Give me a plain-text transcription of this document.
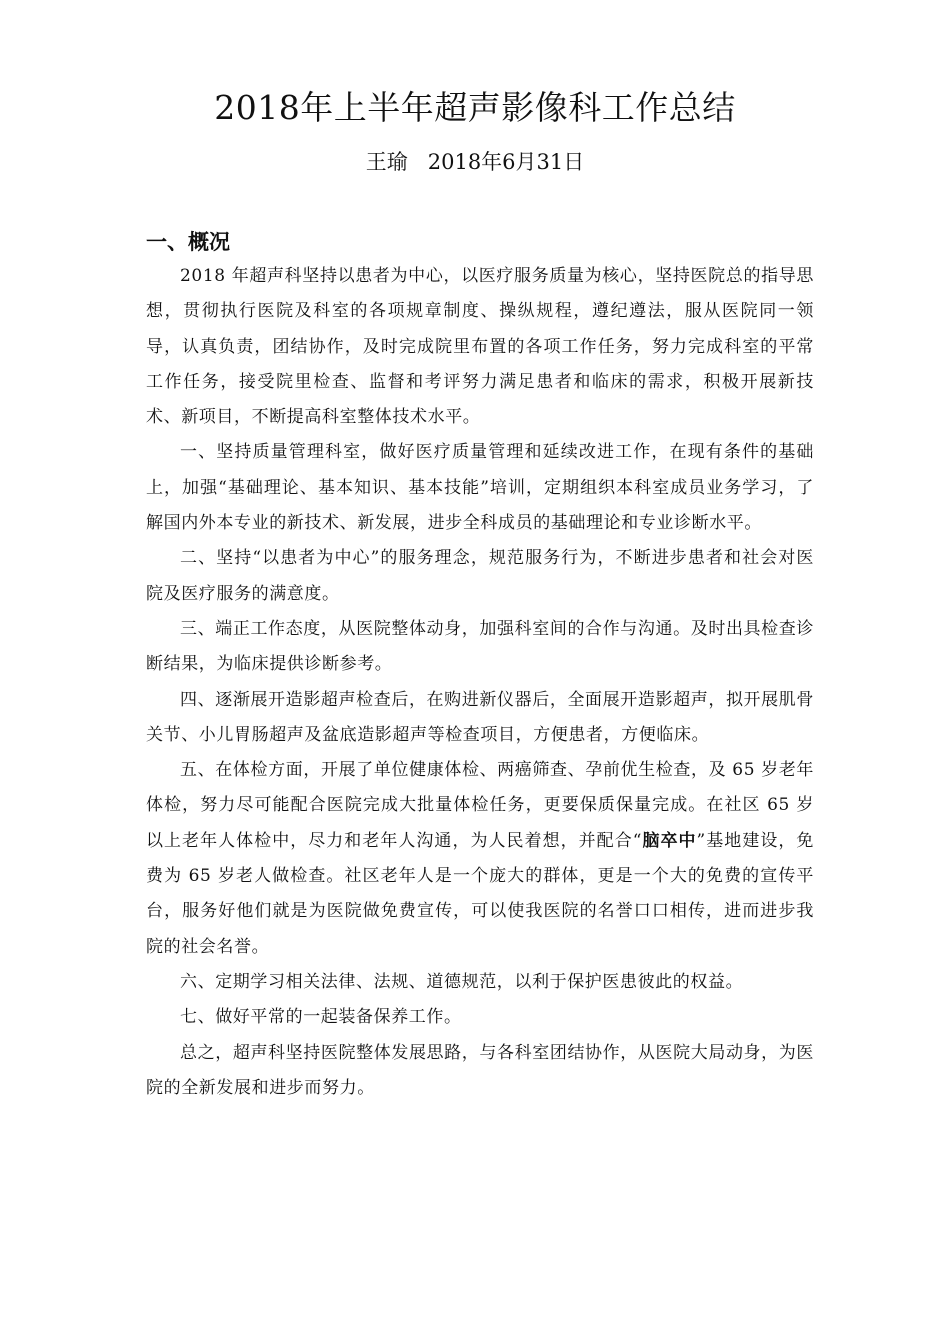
2018年上半年超声影像科工作总结
王瑜 2018年6月31日
一、概况

2018 年超声科坚持以患者为中心，以医疗服务质量为核心，坚持医院总的指导思想，贯彻执行医院及科室的各项规章制度、操纵规程，遵纪遵法，服从医院同一领导，认真负责，团结协作，及时完成院里布置的各项工作任务，努力完成科室的平常工作任务，接受院里检查、监督和考评努力满足患者和临床的需求，积极开展新技术、新项目，不断提高科室整体技术水平。

一、坚持质量管理科室，做好医疗质量管理和延续改进工作，在现有条件的基础上，加强“基础理论、基本知识、基本技能”培训，定期组织本科室成员业务学习，了解国内外本专业的新技术、新发展，进步全科成员的基础理论和专业诊断水平。

二、坚持“以患者为中心”的服务理念，规范服务行为，不断进步患者和社会对医院及医疗服务的满意度。

三、端正工作态度，从医院整体动身，加强科室间的合作与沟通。及时出具检查诊断结果，为临床提供诊断参考。

四、逐渐展开造影超声检查后，在购进新仪器后，全面展开造影超声，拟开展肌骨关节、小儿胃肠超声及盆底造影超声等检查项目，方便患者，方便临床。

五、在体检方面，开展了单位健康体检、两癌筛查、孕前优生检查，及 65 岁老年体检，努力尽可能配合医院完成大批量体检任务，更要保质保量完成。在社区 65 岁以上老年人体检中，尽力和老年人沟通，为人民着想，并配合“脑卒中”基地建设，免费为 65 岁老人做检查。社区老年人是一个庞大的群体，更是一个大的免费的宣传平台，服务好他们就是为医院做免费宣传，可以使我医院的名誉口口相传，进而进步我院的社会名誉。

六、定期学习相关法律、法规、道德规范，以利于保护医患彼此的权益。

七、做好平常的一起装备保养工作。

总之，超声科坚持医院整体发展思路，与各科室团结协作，从医院大局动身，为医院的全新发展和进步而努力。
